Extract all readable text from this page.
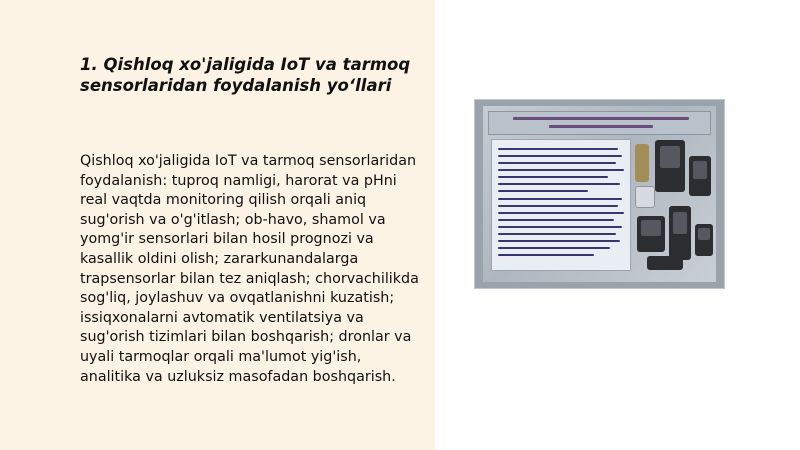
1. Qishloq xo'jaligida IoT va tarmoq sensorlaridan foydalanish yo‘llari

Qishloq xo'jaligida IoT va tarmoq sensorlaridan foydalanish: tuproq namligi, harorat va pHni real vaqtda monitoring qilish orqali aniq sug'orish va o'g'itlash; ob-havo, shamol va yomg'ir sensorlari bilan hosil prognozi va kasallik oldini olish; zararkunandalarga trapsensorlar bilan tez aniqlash; chorvachilikda sog'liq, joylashuv va ovqatlanishni kuzatish; issiqxonalarni avtomatik ventilatsiya va sug'orish tizimlari bilan boshqarish; dronlar va uyali tarmoqlar orqali ma'lumot yig'ish, analitika va uzluksiz masofadan boshqarish.
